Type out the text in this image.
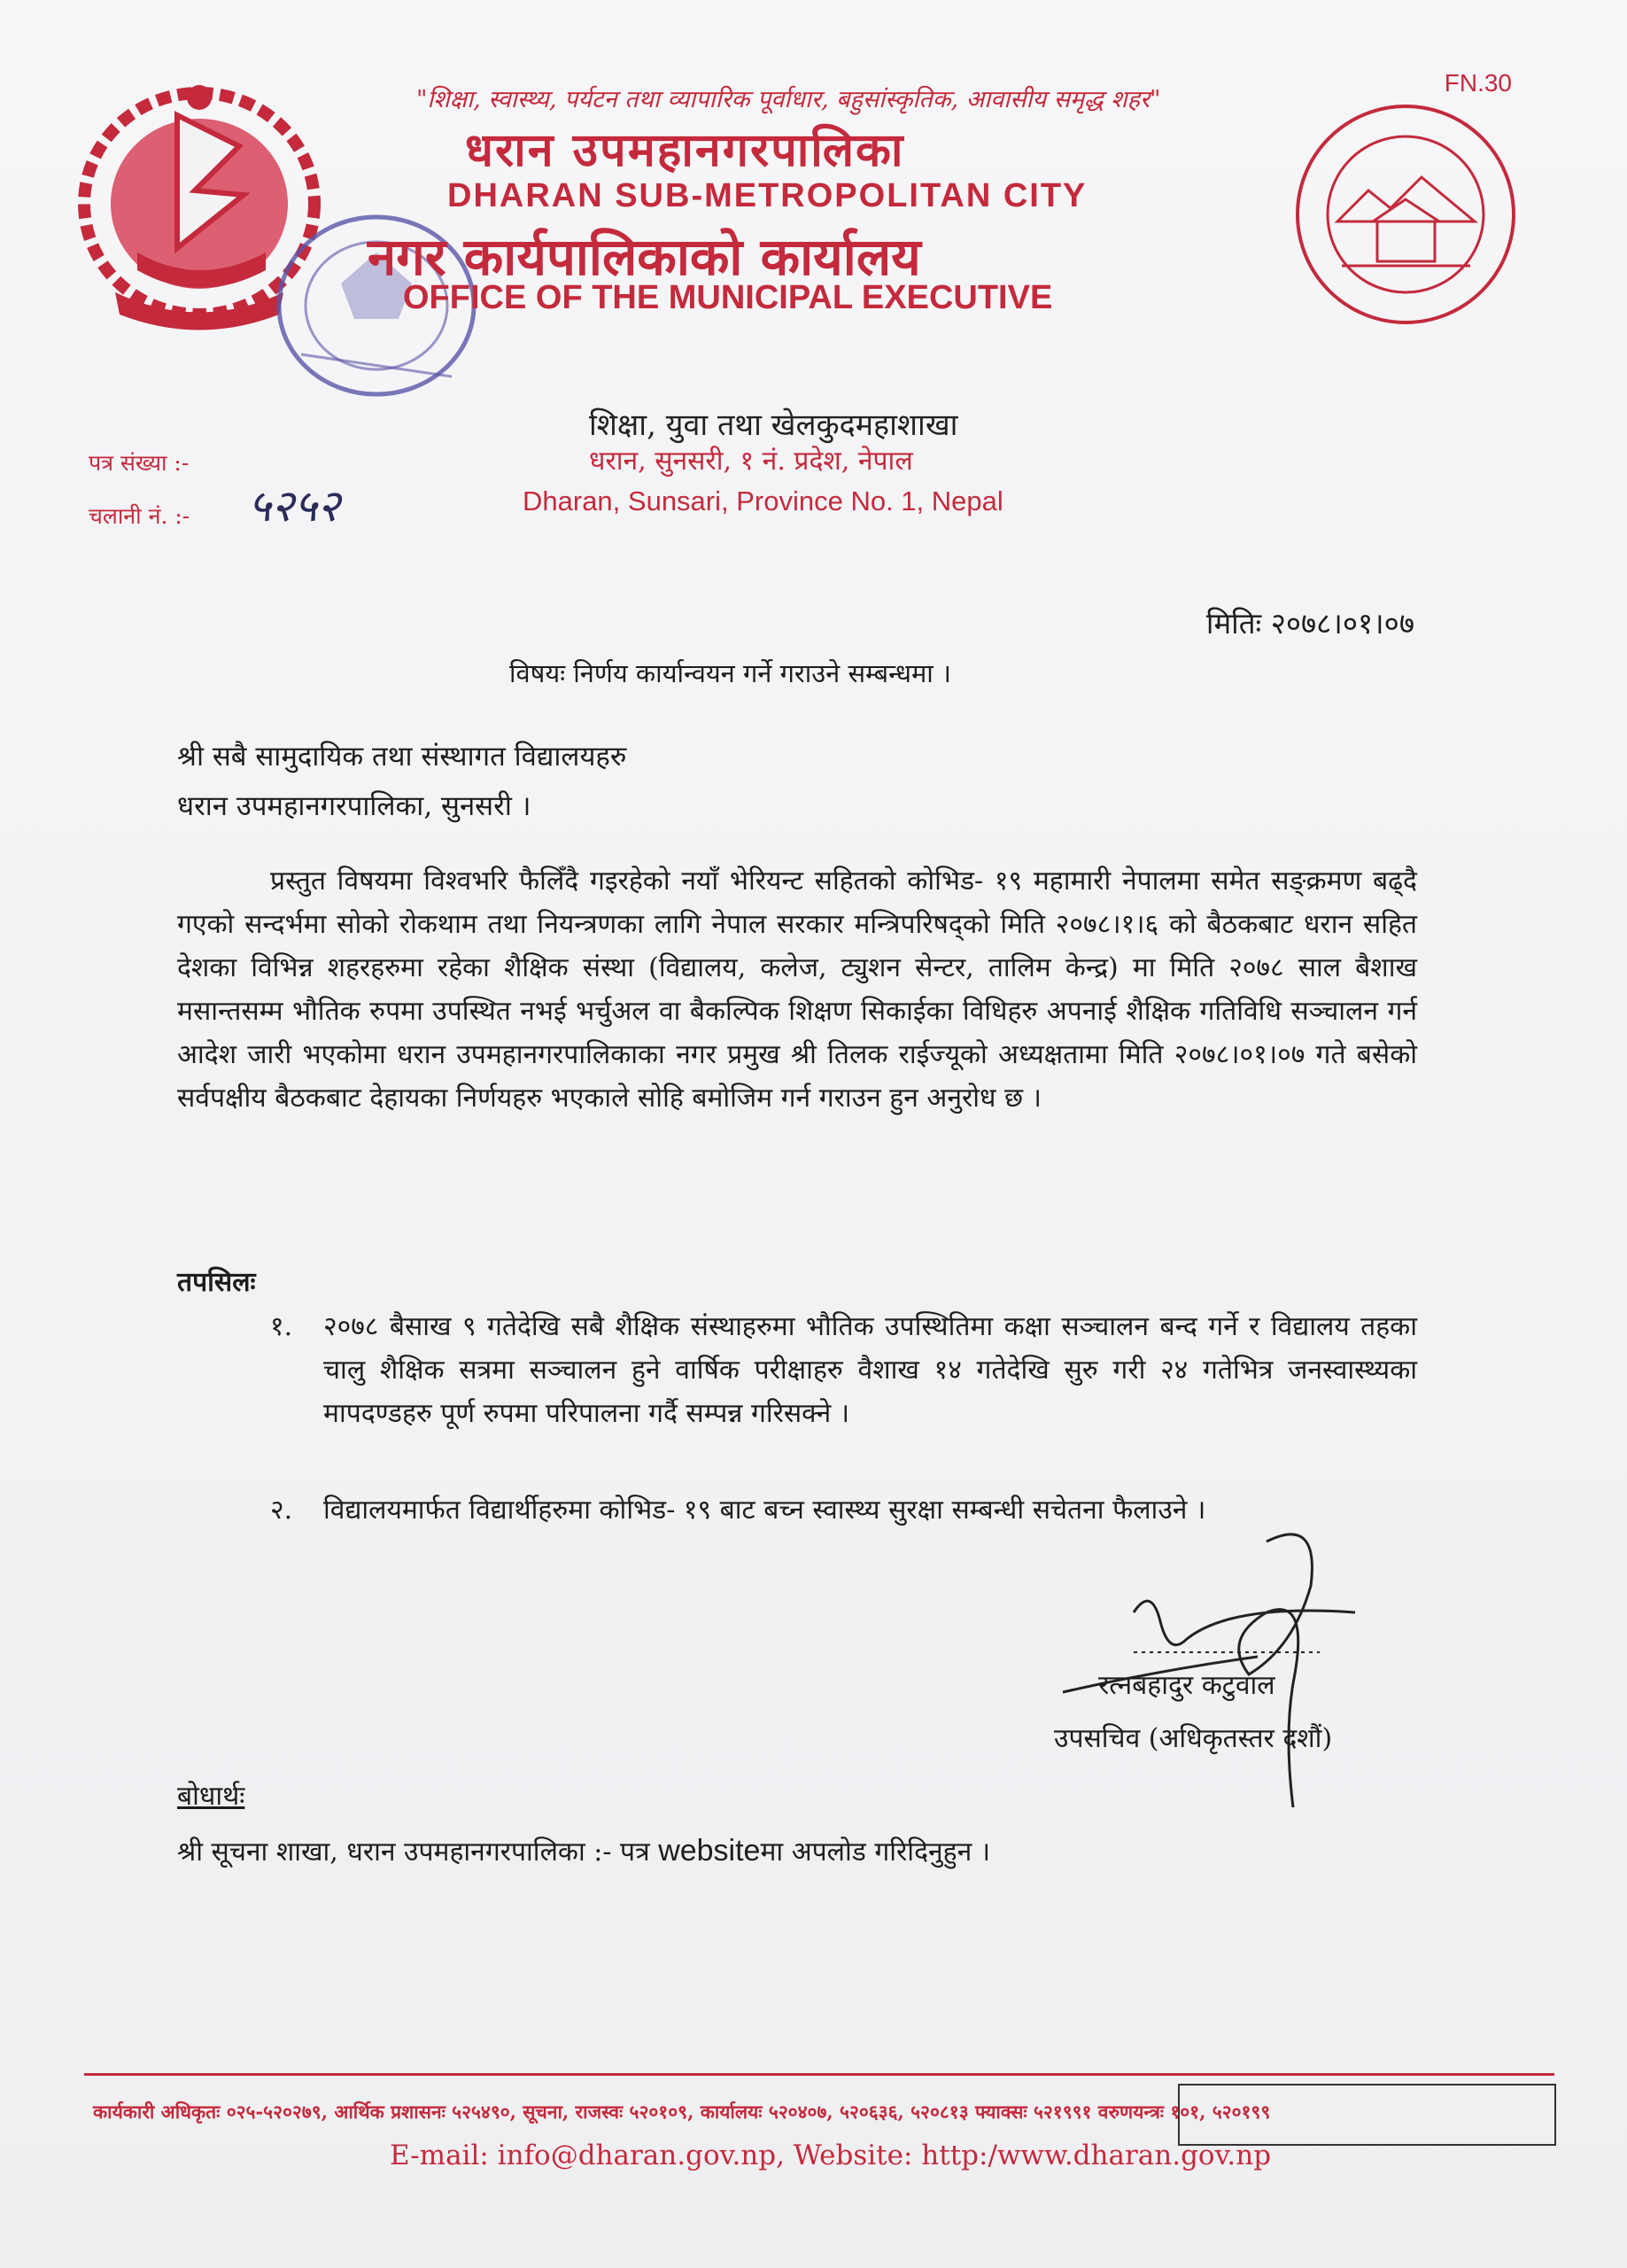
"शिक्षा, स्वास्थ्य, पर्यटन तथा व्यापारिक पूर्वाधार, बहुसांस्कृतिक, आवासीय समृद्ध शहर"
FN.30
धरान उपमहानगरपालिका
DHARAN SUB-METROPOLITAN CITY
नगर कार्यपालिकाको कार्यालय
OFFICE OF THE MUNICIPAL EXECUTIVE
शिक्षा, युवा तथा खेलकुदमहाशाखा
धरान, सुनसरी, १ नं. प्रदेश, नेपाल
Dharan, Sunsari, Province No. 1, Nepal
पत्र संख्या :-
चलानी नं. :- ५२५२
मितिः २०७८।०१।०७
विषयः निर्णय कार्यान्वयन गर्ने गराउने सम्बन्धमा ।
श्री सबै सामुदायिक तथा संस्थागत विद्यालयहरु
धरान उपमहानगरपालिका, सुनसरी ।
प्रस्तुत विषयमा विश्वभरि फैलिँदै गइरहेको नयाँ भेरियन्ट सहितको कोभिड- १९ महामारी नेपालमा समेत सङ्क्रमण बढ्दै गएको सन्दर्भमा सोको रोकथाम तथा नियन्त्रणका लागि नेपाल सरकार मन्त्रिपरिषद्को मिति २०७८।१।६ को बैठकबाट धरान सहित देशका विभिन्न शहरहरुमा रहेका शैक्षिक संस्था (विद्यालय, कलेज, ट्युशन सेन्टर, तालिम केन्द्र) मा मिति २०७८ साल बैशाख मसान्तसम्म भौतिक रुपमा उपस्थित नभई भर्चुअल वा बैकल्पिक शिक्षण सिकाईका विधिहरु अपनाई शैक्षिक गतिविधि सञ्चालन गर्न आदेश जारी भएकोमा धरान उपमहानगरपालिकाका नगर प्रमुख श्री तिलक राईज्यूको अध्यक्षतामा मिति २०७८।०१।०७ गते बसेको सर्वपक्षीय बैठकबाट देहायका निर्णयहरु भएकाले सोहि बमोजिम गर्न गराउन हुन अनुरोध छ ।
तपसिलः
१. २०७८ बैसाख ९ गतेदेखि सबै शैक्षिक संस्थाहरुमा भौतिक उपस्थितिमा कक्षा सञ्चालन बन्द गर्ने र विद्यालय तहका चालु शैक्षिक सत्रमा सञ्चालन हुने वार्षिक परीक्षाहरु वैशाख १४ गतेदेखि सुरु गरी २४ गतेभित्र जनस्वास्थ्यका मापदण्डहरु पूर्ण रुपमा परिपालना गर्दै सम्पन्न गरिसक्ने ।
२. विद्यालयमार्फत विद्यार्थीहरुमा कोभिड- १९ बाट बच्न स्वास्थ्य सुरक्षा सम्बन्धी सचेतना फैलाउने ।
रत्नबहादुर कटुवाल
उपसचिव (अधिकृतस्तर दशौं)
बोधार्थः
श्री सूचना शाखा, धरान उपमहानगरपालिका :- पत्र websiteमा अपलोड गरिदिनुहुन ।
कार्यकारी अधिकृतः ०२५-५२०२७९, आर्थिक प्रशासनः ५२५४९०, सूचना, राजस्वः ५२०१०९, कार्यालयः ५२०४०७, ५२०६३६, ५२०८१३ फ्याक्सः ५२१९९१ वरुणयन्त्रः १०१, ५२०१९९
E-mail: info@dharan.gov.np, Website: http:/www.dharan.gov.np
